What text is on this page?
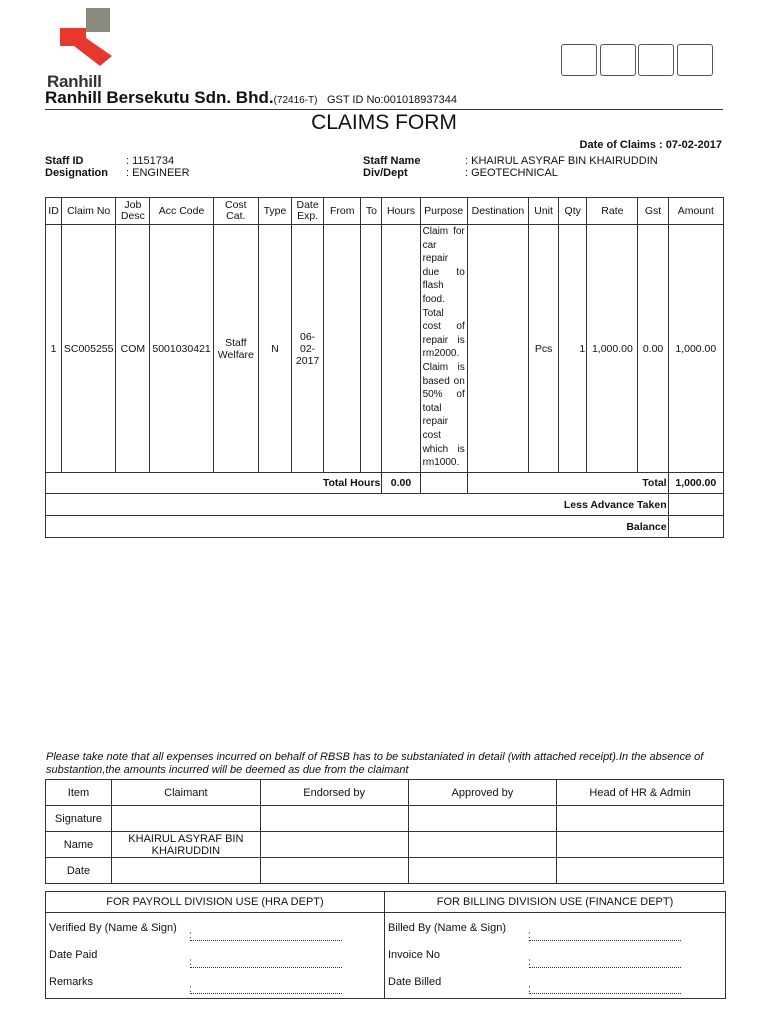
Ranhill
Ranhill Bersekutu Sdn. Bhd.(72416-T) GST ID No:001018937344
CLAIMS FORM
Date of Claims : 07-02-2017
Staff ID	: 1151734
Designation : ENGINEER
Staff Name	: KHAIRUL ASYRAF BIN KHAIRUDDIN
Div/Dept	: GEOTECHNICAL
ID	Claim No	Job Desc	Acc Code	Cost Cat.	Type	Date Exp.	From	To	Hours	Purpose	Destination	Unit	Qty	Rate	Gst	Amount
1	SC005255	COM	5001030421	Staff Welfare	N	06-02-2017				Claim for car repair due to flash food. Total cost of repair is rm2000. Claim is based on 50% of total repair cost which is rm1000.		Pcs	1	1,000.00	0.00	1,000.00
Total Hours									0.00		Total					1,000.00
Less Advance Taken																
Balance																
Please take note that all expenses incurred on behalf of RBSB has to be substaniated in detail (with attached receipt).In the absence of substantion,the amounts incurred will be deemed as due from the claimant
Item	Claimant	Endorsed by	Approved by	Head of HR & Admin
Signature				
Name	KHAIRUL ASYRAF BIN KHAIRUDDIN			
Date				
FOR PAYROLL DIVISION USE (HRA DEPT)
Verified By (Name & Sign)
:
Date Paid
:
Remarks
:
FOR BILLING DIVISION USE (FINANCE DEPT)
Billed By (Name & Sign)
:
Invoice No
:
Date Billed
:
